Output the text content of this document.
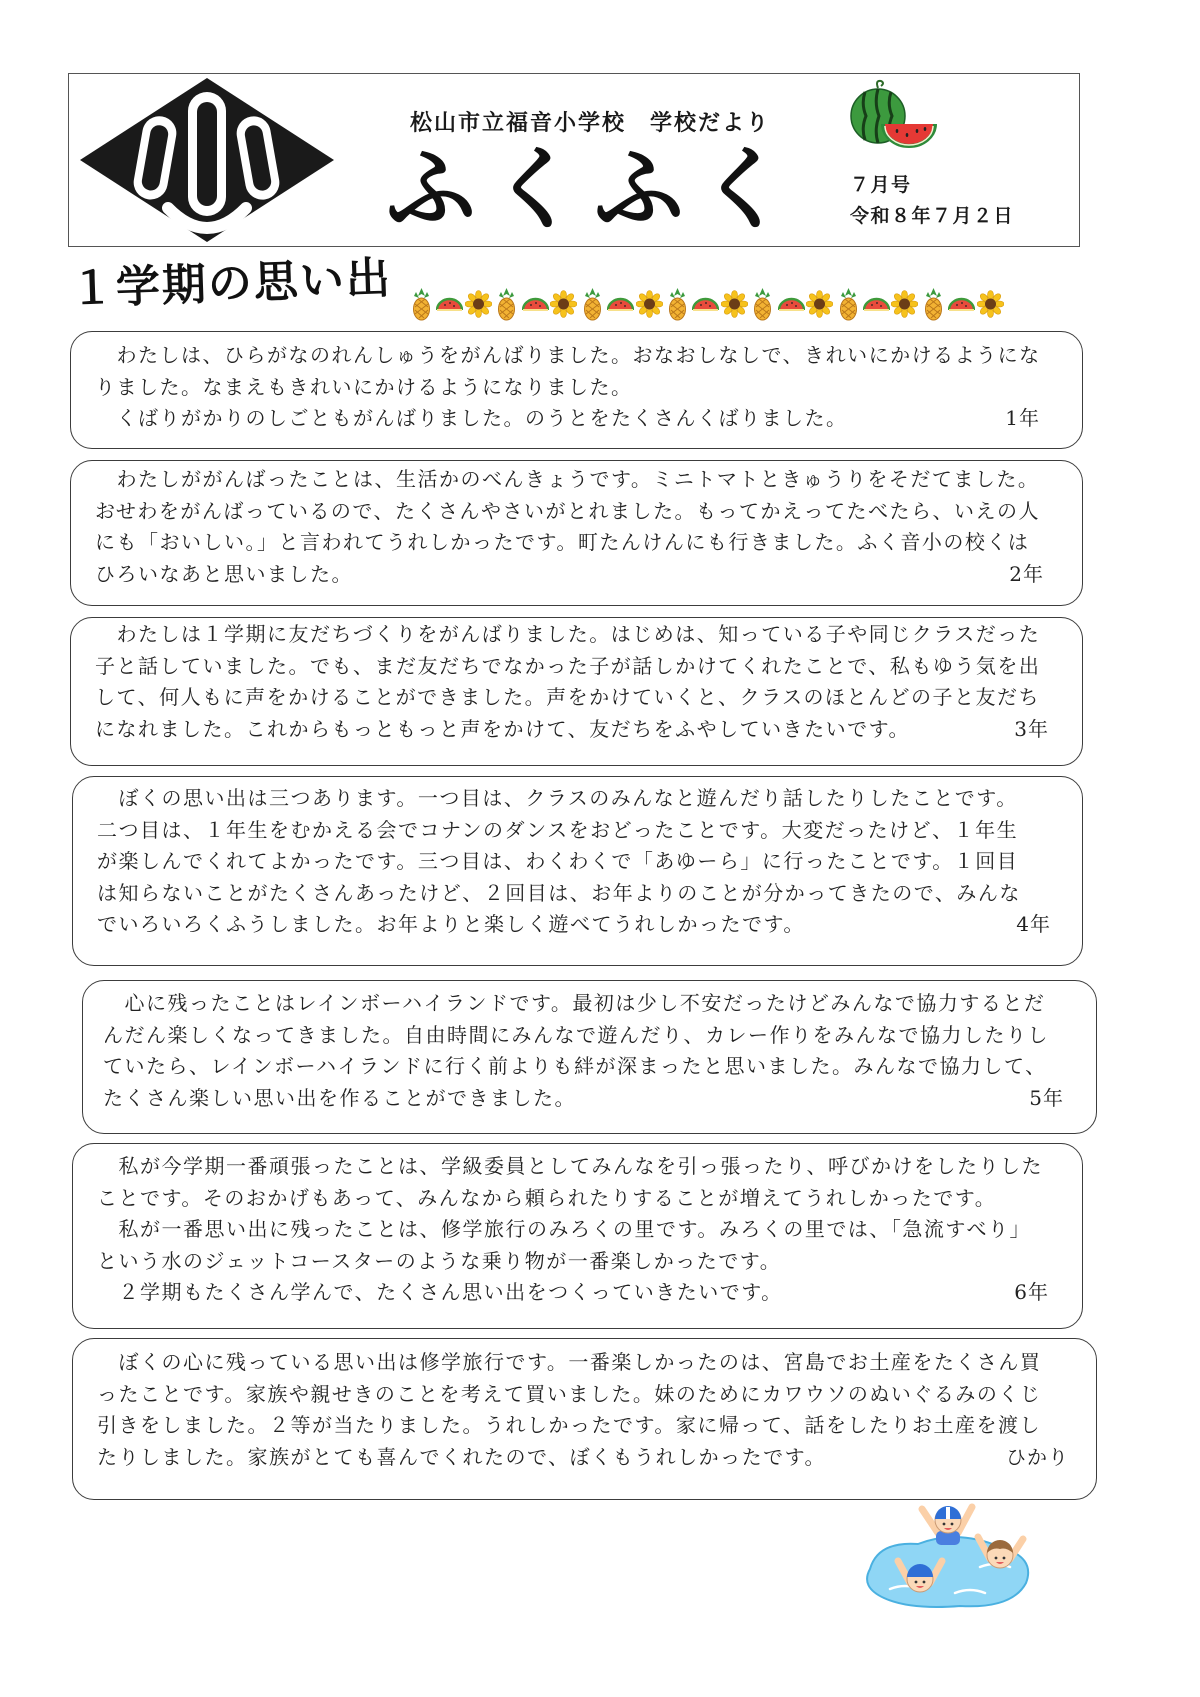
松山市立福音小学校　学校だより
ふくふく	７月号
令和８年７月２日
１学期の思い出
　わたしは、ひらがなのれんしゅうをがんばりました。おなおしなしで、きれいにかけるようにな
りました。なまえもきれいにかけるようになりました。
　くばりがかりのしごともがんばりました。のうとをたくさんくばりました。	1年
　わたしががんばったことは、生活かのべんきょうです。ミニトマトときゅうりをそだてました。
おせわをがんばっているので、たくさんやさいがとれました。もってかえってたべたら、いえの人
にも「おいしい。」と言われてうれしかったです。町たんけんにも行きました。ふく音小の校くは
ひろいなあと思いました。	2年
　わたしは１学期に友だちづくりをがんばりました。はじめは、知っている子や同じクラスだった
子と話していました。でも、まだ友だちでなかった子が話しかけてくれたことで、私もゆう気を出
して、何人もに声をかけることができました。声をかけていくと、クラスのほとんどの子と友だち
になれました。これからもっともっと声をかけて、友だちをふやしていきたいです。	3年
　ぼくの思い出は三つあります。一つ目は、クラスのみんなと遊んだり話したりしたことです。
二つ目は、１年生をむかえる会でコナンのダンスをおどったことです。大変だったけど、１年生
が楽しんでくれてよかったです。三つ目は、わくわくで「あゆーら」に行ったことです。１回目
は知らないことがたくさんあったけど、２回目は、お年よりのことが分かってきたので、みんな
でいろいろくふうしました。お年よりと楽しく遊べてうれしかったです。	4年
　心に残ったことはレインボーハイランドです。最初は少し不安だったけどみんなで協力するとだ
んだん楽しくなってきました。自由時間にみんなで遊んだり、カレー作りをみんなで協力したりし
ていたら、レインボーハイランドに行く前よりも絆が深まったと思いました。みんなで協力して、
たくさん楽しい思い出を作ることができました。	5年
　私が今学期一番頑張ったことは、学級委員としてみんなを引っ張ったり、呼びかけをしたりした
ことです。そのおかげもあって、みんなから頼られたりすることが増えてうれしかったです。
　私が一番思い出に残ったことは、修学旅行のみろくの里です。みろくの里では、「急流すべり」
という水のジェットコースターのような乗り物が一番楽しかったです。
　２学期もたくさん学んで、たくさん思い出をつくっていきたいです。	6年
　ぼくの心に残っている思い出は修学旅行です。一番楽しかったのは、宮島でお土産をたくさん買
ったことです。家族や親せきのことを考えて買いました。妹のためにカワウソのぬいぐるみのくじ
引きをしました。２等が当たりました。うれしかったです。家に帰って、話をしたりお土産を渡し
たりしました。家族がとても喜んでくれたので、ぼくもうれしかったです。	ひかり
